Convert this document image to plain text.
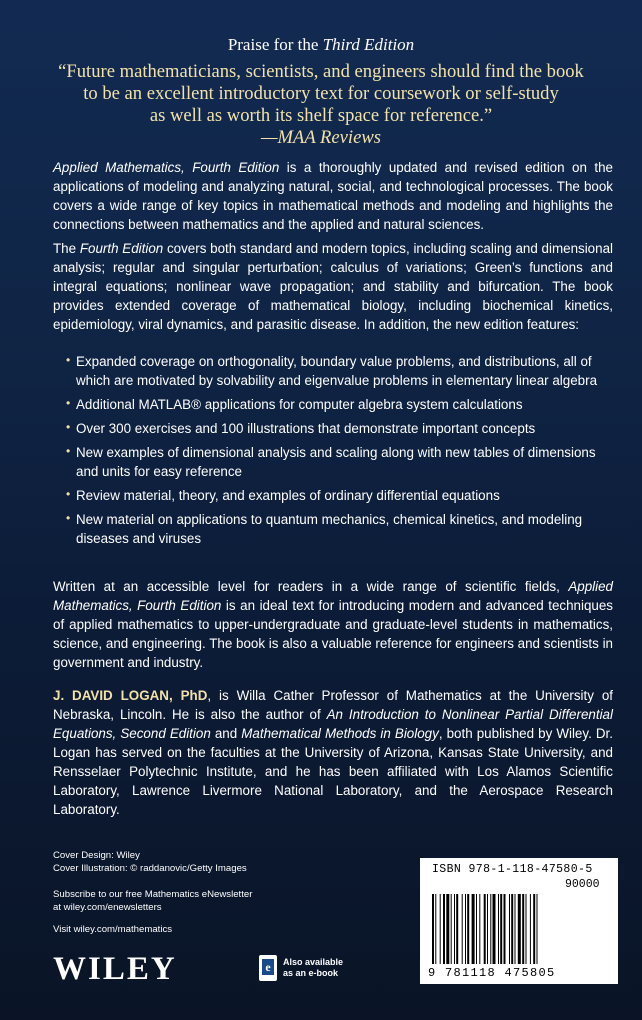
Praise for the Third Edition
“Future mathematicians, scientists, and engineers should find the book
to be an excellent introductory text for coursework or self-study
as well as worth its shelf space for reference.”
—MAA Reviews

Applied Mathematics, Fourth Edition is a thoroughly updated and revised edition on the applications of modeling and analyzing natural, social, and technological processes. The book covers a wide range of key topics in mathematical methods and modeling and highlights the connections between mathematics and the applied and natural sciences.

The Fourth Edition covers both standard and modern topics, including scaling and dimensional analysis; regular and singular perturbation; calculus of variations; Green’s functions and integral equations; nonlinear wave propagation; and stability and bifurcation. The book provides extended coverage of mathematical biology, including biochemical kinetics, epidemiology, viral dynamics, and parasitic disease. In addition, the new edition features:

• Expanded coverage on orthogonality, boundary value problems, and distributions, all of which are motivated by solvability and eigenvalue problems in elementary linear algebra
• Additional MATLAB® applications for computer algebra system calculations
• Over 300 exercises and 100 illustrations that demonstrate important concepts
• New examples of dimensional analysis and scaling along with new tables of dimensions and units for easy reference
• Review material, theory, and examples of ordinary differential equations
• New material on applications to quantum mechanics, chemical kinetics, and modeling diseases and viruses

Written at an accessible level for readers in a wide range of scientific fields, Applied Mathematics, Fourth Edition is an ideal text for introducing modern and advanced techniques of applied mathematics to upper-undergraduate and graduate-level students in mathematics, science, and engineering. The book is also a valuable reference for engineers and scientists in government and industry.

J. DAVID LOGAN, PhD, is Willa Cather Professor of Mathematics at the University of Nebraska, Lincoln. He is also the author of An Introduction to Nonlinear Partial Differential Equations, Second Edition and Mathematical Methods in Biology, both published by Wiley. Dr. Logan has served on the faculties at the University of Arizona, Kansas State University, and Rensselaer Polytechnic Institute, and he has been affiliated with Los Alamos Scientific Laboratory, Lawrence Livermore National Laboratory, and the Aerospace Research Laboratory.

Cover Design: Wiley
Cover Illustration: © raddanovic/Getty Images
Subscribe to our free Mathematics eNewsletter
at wiley.com/enewsletters
Visit wiley.com/mathematics
WILEY	e	Also available
as an e-book
ISBN 978-1-118-47580-5
90000
9 781118 475805
